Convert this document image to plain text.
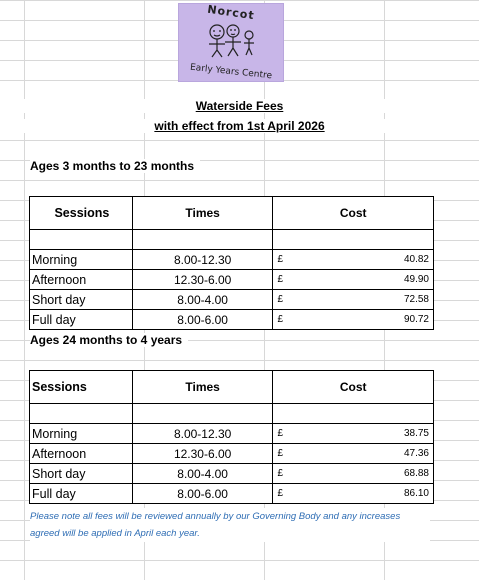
Norcot
Early Years Centre
Waterside Fees
with effect from 1st April 2026
Ages 3 months to 23 months
Sessions	Times	Cost

Morning	8.00-12.30	£ 40.82

Afternoon	12.30-6.00	£ 49.90

Short day	8.00-4.00	£ 72.58

Full day	8.00-6.00	£ 90.72
Ages 24 months to 4 years
Sessions	Times	Cost

Morning	8.00-12.30	£ 38.75

Afternoon	12.30-6.00	£ 47.36

Short day	8.00-4.00	£ 68.88

Full day	8.00-6.00	£ 86.10
Please note all fees will be reviewed annually by our Governing Body and any increases agreed will be applied in April each year.
